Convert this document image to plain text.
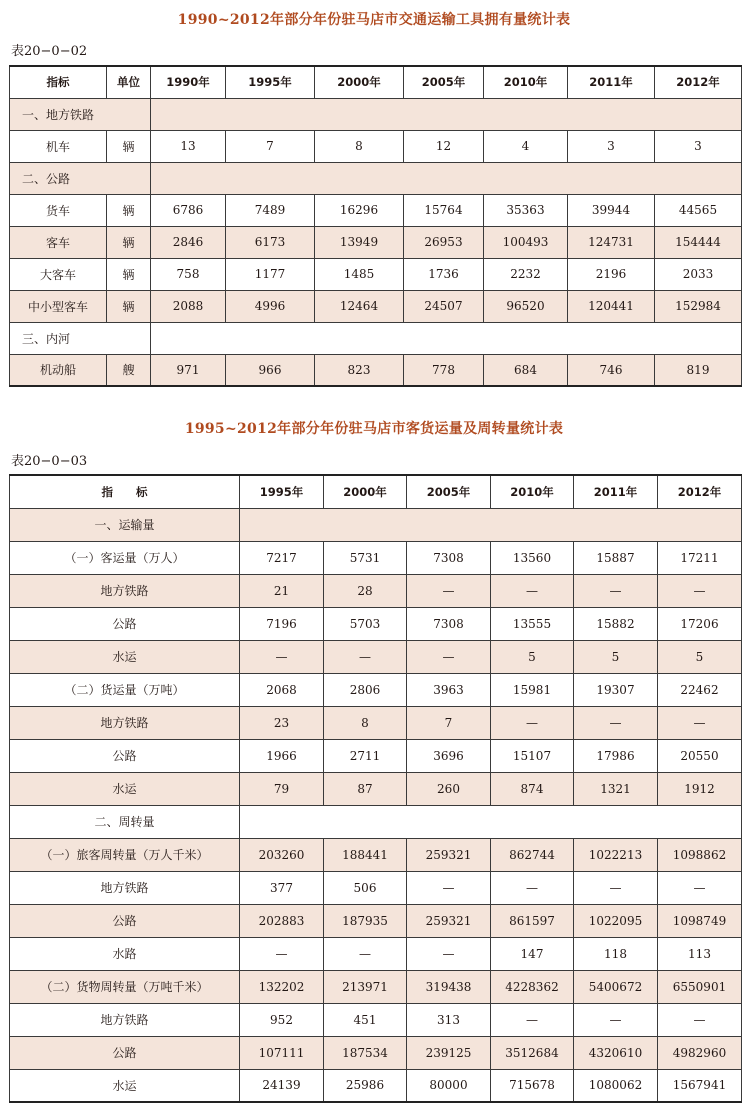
1990~2012年部分年份驻马店市交通运输工具拥有量统计表
表20−0−02
指标	单位	1990年	1995年	2000年	2005年	2010年	2011年	2012年
一、地方铁路								
机车	辆	13	7	8	12	4	3	3
二、公路								
货车	辆	6786	7489	16296	15764	35363	39944	44565
客车	辆	2846	6173	13949	26953	100493	124731	154444
大客车	辆	758	1177	1485	1736	2232	2196	2033
中小型客车	辆	2088	4996	12464	24507	96520	120441	152984
三、内河								
机动船	艘	971	966	823	778	684	746	819
1995~2012年部分年份驻马店市客货运量及周转量统计表
表20−0−03
指　　标	1995年	2000年	2005年	2010年	2011年	2012年
一、运输量						
（一）客运量（万人）	7217	5731	7308	13560	15887	17211
地方铁路	21	28	—	—	—	—
公路	7196	5703	7308	13555	15882	17206
水运	—	—	—	5	5	5
（二）货运量（万吨）	2068	2806	3963	15981	19307	22462
地方铁路	23	8	7	—	—	—
公路	1966	2711	3696	15107	17986	20550
水运	79	87	260	874	1321	1912
二、周转量						
（一）旅客周转量（万人千米）	203260	188441	259321	862744	1022213	1098862
地方铁路	377	506	—	—	—	—
公路	202883	187935	259321	861597	1022095	1098749
水路	—	—	—	147	118	113
（二）货物周转量（万吨千米）	132202	213971	319438	4228362	5400672	6550901
地方铁路	952	451	313	—	—	—
公路	107111	187534	239125	3512684	4320610	4982960
水运	24139	25986	80000	715678	1080062	1567941
